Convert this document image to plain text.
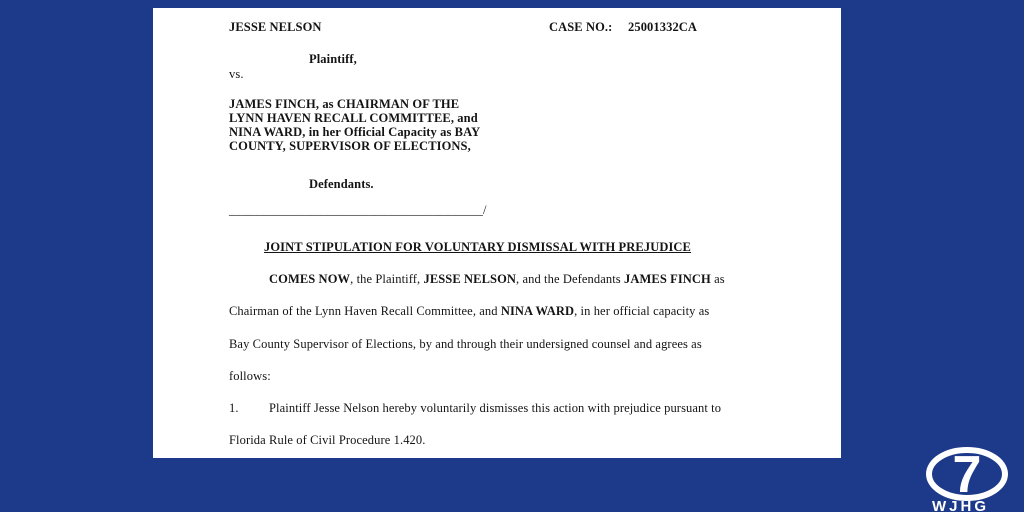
JESSE NELSON	CASE NO.: 25001332CA
Plaintiff,
vs.
JAMES FINCH, as CHAIRMAN OF THE
LYNN HAVEN RECALL COMMITTEE, and
NINA WARD, in her Official Capacity as BAY
COUNTY, SUPERVISOR OF ELECTIONS,
Defendants.
________________________________________/
JOINT STIPULATION FOR VOLUNTARY DISMISSAL WITH PREJUDICE
COMES NOW, the Plaintiff, JESSE NELSON, and the Defendants JAMES FINCH as
Chairman of the Lynn Haven Recall Committee, and NINA WARD, in her official capacity as
Bay County Supervisor of Elections, by and through their undersigned counsel and agrees as
follows:
1. Plaintiff Jesse Nelson hereby voluntarily dismisses this action with prejudice pursuant to
Florida Rule of Civil Procedure 1.420.
7
WJHG
